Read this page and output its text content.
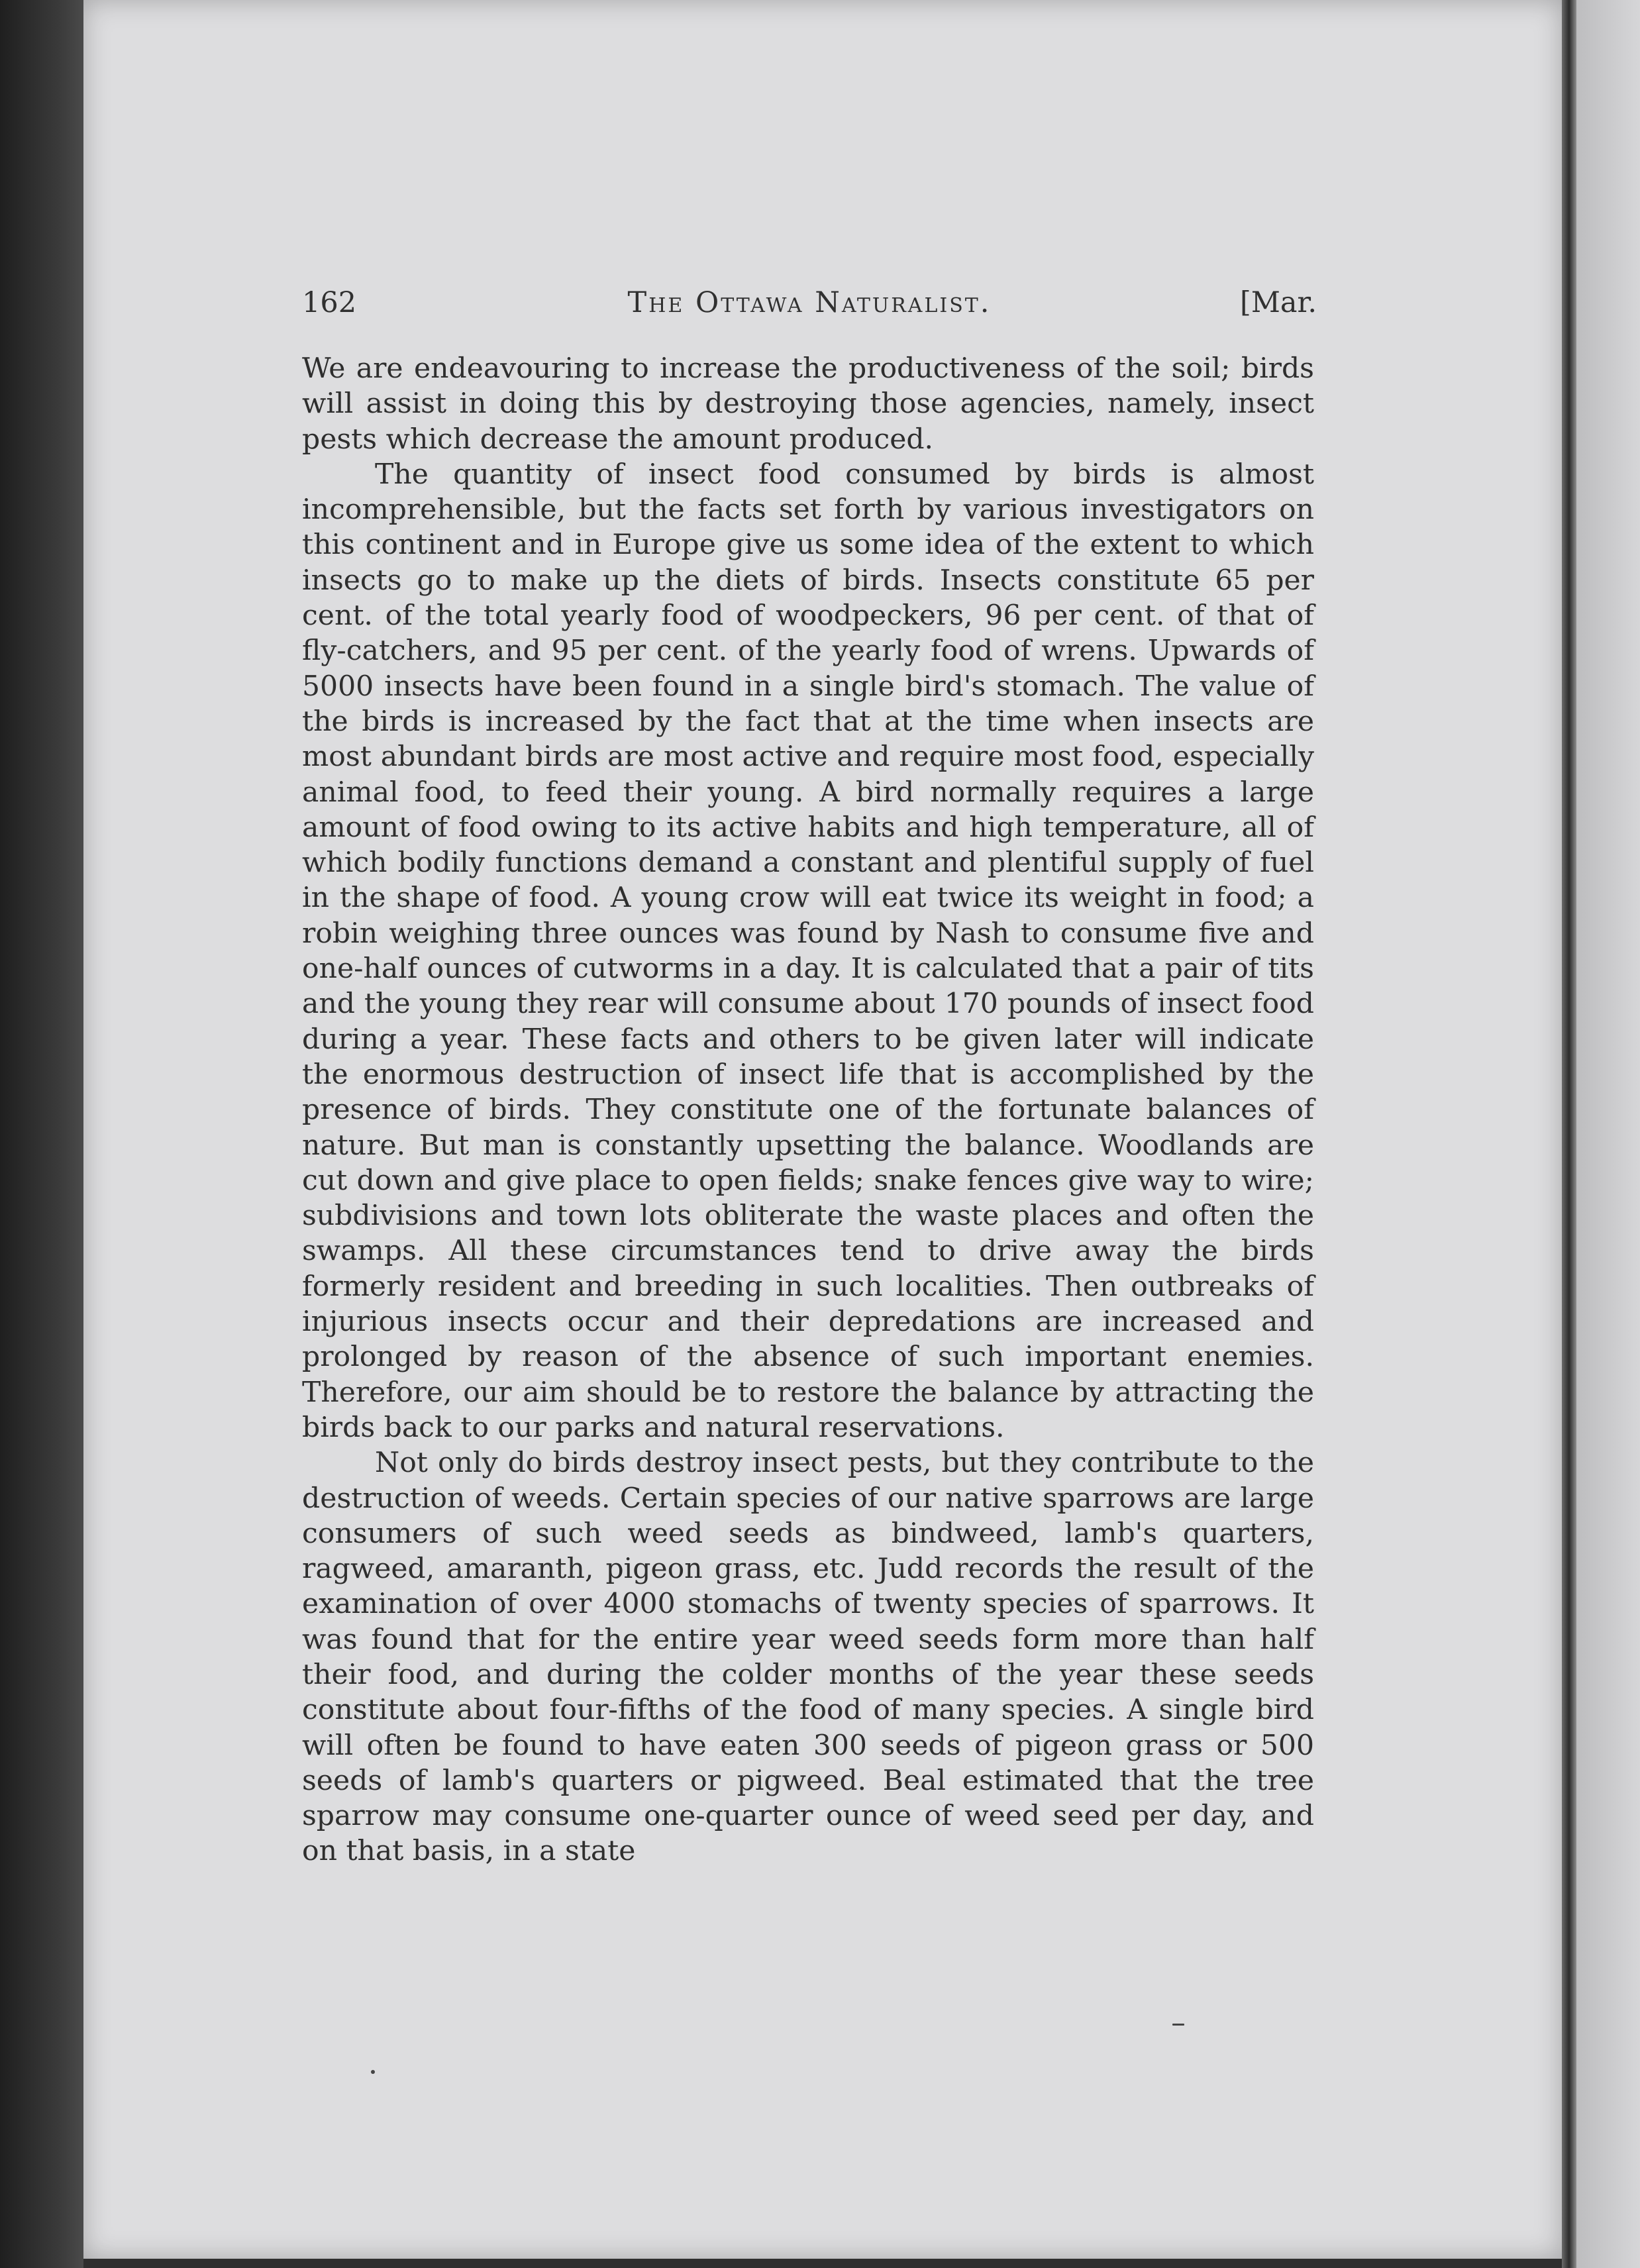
162	The Ottawa Naturalist.	[Mar.

We are endeavouring to increase the productiveness of the soil; birds will assist in doing this by destroying those agencies, namely, insect pests which decrease the amount produced.

The quantity of insect food consumed by birds is almost incomprehensible, but the facts set forth by various investigators on this continent and in Europe give us some idea of the extent to which insects go to make up the diets of birds. Insects constitute 65 per cent. of the total yearly food of woodpeckers, 96 per cent. of that of fly-catchers, and 95 per cent. of the yearly food of wrens. Upwards of 5000 insects have been found in a single bird's stomach. The value of the birds is increased by the fact that at the time when insects are most abundant birds are most active and require most food, especially animal food, to feed their young. A bird normally requires a large amount of food owing to its active habits and high temperature, all of which bodily functions demand a constant and plentiful supply of fuel in the shape of food. A young crow will eat twice its weight in food; a robin weighing three ounces was found by Nash to consume five and one-half ounces of cutworms in a day. It is calculated that a pair of tits and the young they rear will consume about 170 pounds of insect food during a year. These facts and others to be given later will indicate the enormous destruction of insect life that is accomplished by the presence of birds. They constitute one of the fortunate balances of nature. But man is constantly upsetting the balance. Woodlands are cut down and give place to open fields; snake fences give way to wire; subdivisions and town lots obliterate the waste places and often the swamps. All these circumstances tend to drive away the birds formerly resident and breeding in such localities. Then outbreaks of injurious insects occur and their depredations are increased and prolonged by reason of the absence of such important enemies. Therefore, our aim should be to restore the balance by attracting the birds back to our parks and natural reservations.

Not only do birds destroy insect pests, but they contribute to the destruction of weeds. Certain species of our native sparrows are large consumers of such weed seeds as bindweed, lamb's quarters, ragweed, amaranth, pigeon grass, etc. Judd records the result of the examination of over 4000 stomachs of twenty species of sparrows. It was found that for the entire year weed seeds form more than half their food, and during the colder months of the year these seeds constitute about four-fifths of the food of many species. A single bird will often be found to have eaten 300 seeds of pigeon grass or 500 seeds of lamb's quarters or pigweed. Beal estimated that the tree sparrow may consume one-quarter ounce of weed seed per day, and on that basis, in a state
